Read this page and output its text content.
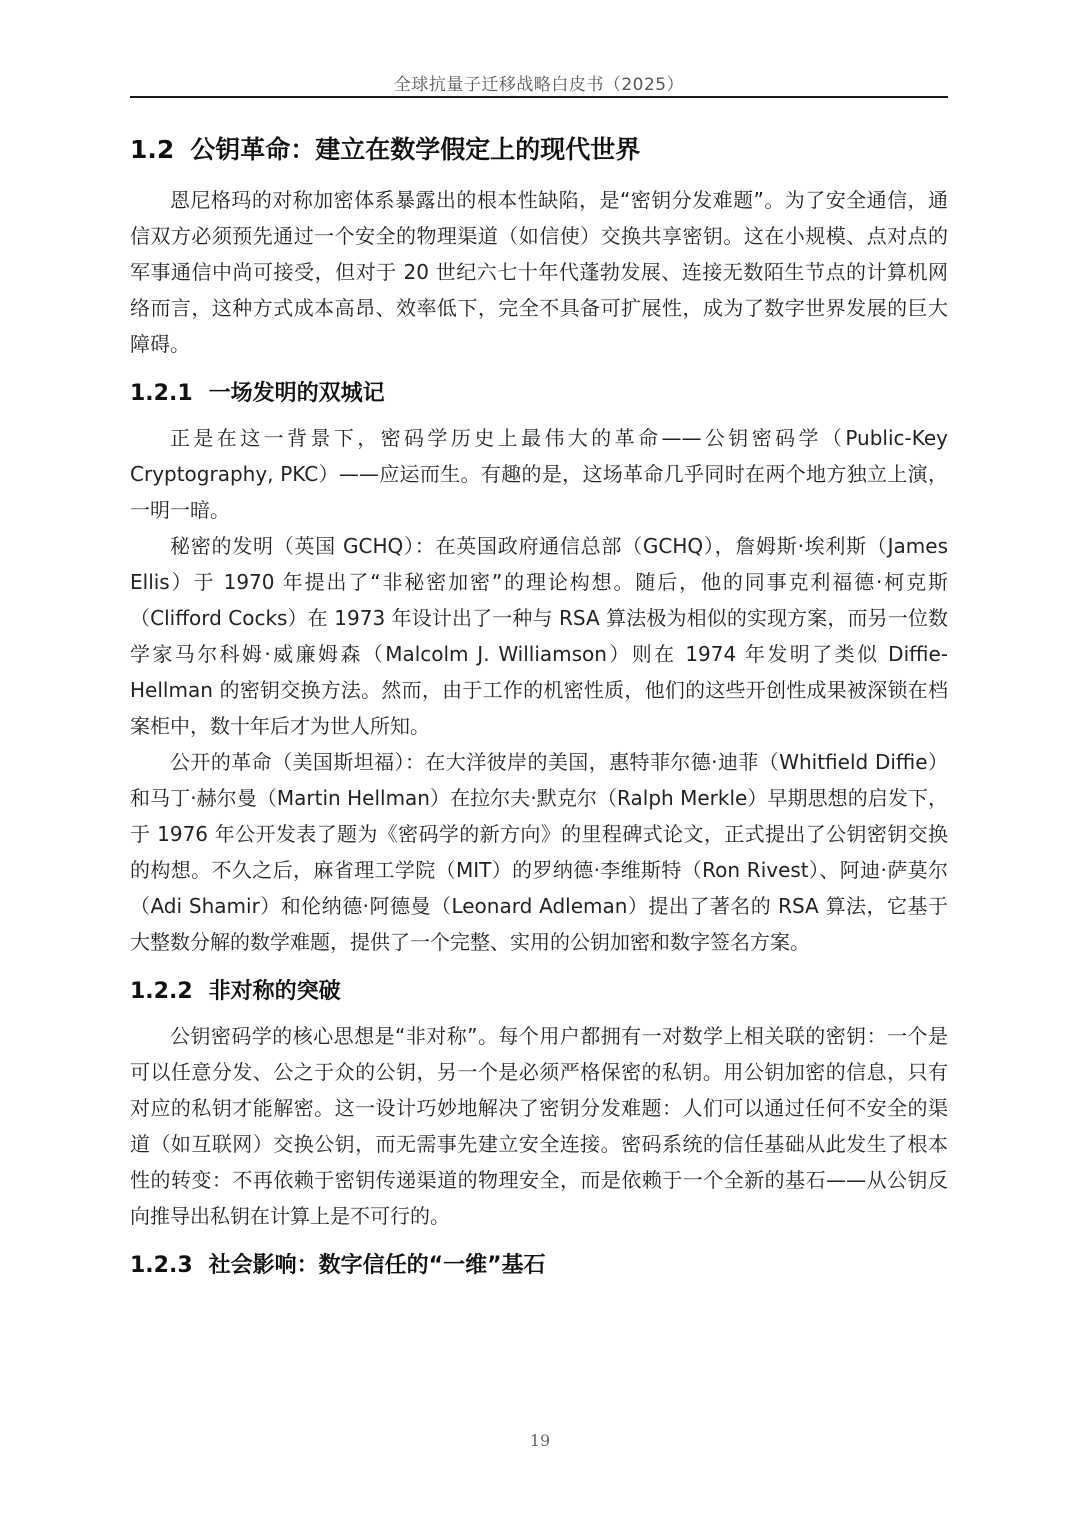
全球抗量子迁移战略白皮书（2025）
1.2 公钥革命：建立在数学假定上的现代世界

恩尼格玛的对称加密体系暴露出的根本性缺陷，是“密钥分发难题”。为了安全通信，通信双方必须预先通过一个安全的物理渠道（如信使）交换共享密钥。这在小规模、点对点的军事通信中尚可接受，但对于 20 世纪六七十年代蓬勃发展、连接无数陌生节点的计算机网络而言，这种方式成本高昂、效率低下，完全不具备可扩展性，成为了数字世界发展的巨大障碍。

1.2.1 一场发明的双城记

正是在这一背景下，密码学历史上最伟大的革命——公钥密码学（Public-Key Cryptography, PKC）——应运而生。有趣的是，这场革命几乎同时在两个地方独立上演，一明一暗。

秘密的发明（英国 GCHQ）：在英国政府通信总部（GCHQ），詹姆斯·埃利斯（James Ellis）于 1970 年提出了“非秘密加密”的理论构想。随后，他的同事克利福德·柯克斯（Clifford Cocks）在 1973 年设计出了一种与 RSA 算法极为相似的实现方案，而另一位数学家马尔科姆·威廉姆森（Malcolm J. Williamson）则在 1974 年发明了类似 Diffie-Hellman 的密钥交换方法。然而，由于工作的机密性质，他们的这些开创性成果被深锁在档案柜中，数十年后才为世人所知。

公开的革命（美国斯坦福）：在大洋彼岸的美国，惠特菲尔德·迪菲（Whitfield Diffie）和马丁·赫尔曼（Martin Hellman）在拉尔夫·默克尔（Ralph Merkle）早期思想的启发下，于 1976 年公开发表了题为《密码学的新方向》的里程碑式论文，正式提出了公钥密钥交换的构想。不久之后，麻省理工学院（MIT）的罗纳德·李维斯特（Ron Rivest）、阿迪·萨莫尔（Adi Shamir）和伦纳德·阿德曼（Leonard Adleman）提出了著名的 RSA 算法，它基于大整数分解的数学难题，提供了一个完整、实用的公钥加密和数字签名方案。

1.2.2 非对称的突破

公钥密码学的核心思想是“非对称”。每个用户都拥有一对数学上相关联的密钥：一个是可以任意分发、公之于众的公钥，另一个是必须严格保密的私钥。用公钥加密的信息，只有对应的私钥才能解密。这一设计巧妙地解决了密钥分发难题：人们可以通过任何不安全的渠道（如互联网）交换公钥，而无需事先建立安全连接。密码系统的信任基础从此发生了根本性的转变：不再依赖于密钥传递渠道的物理安全，而是依赖于一个全新的基石——从公钥反向推导出私钥在计算上是不可行的。

1.2.3 社会影响：数字信任的“一维”基石
19
